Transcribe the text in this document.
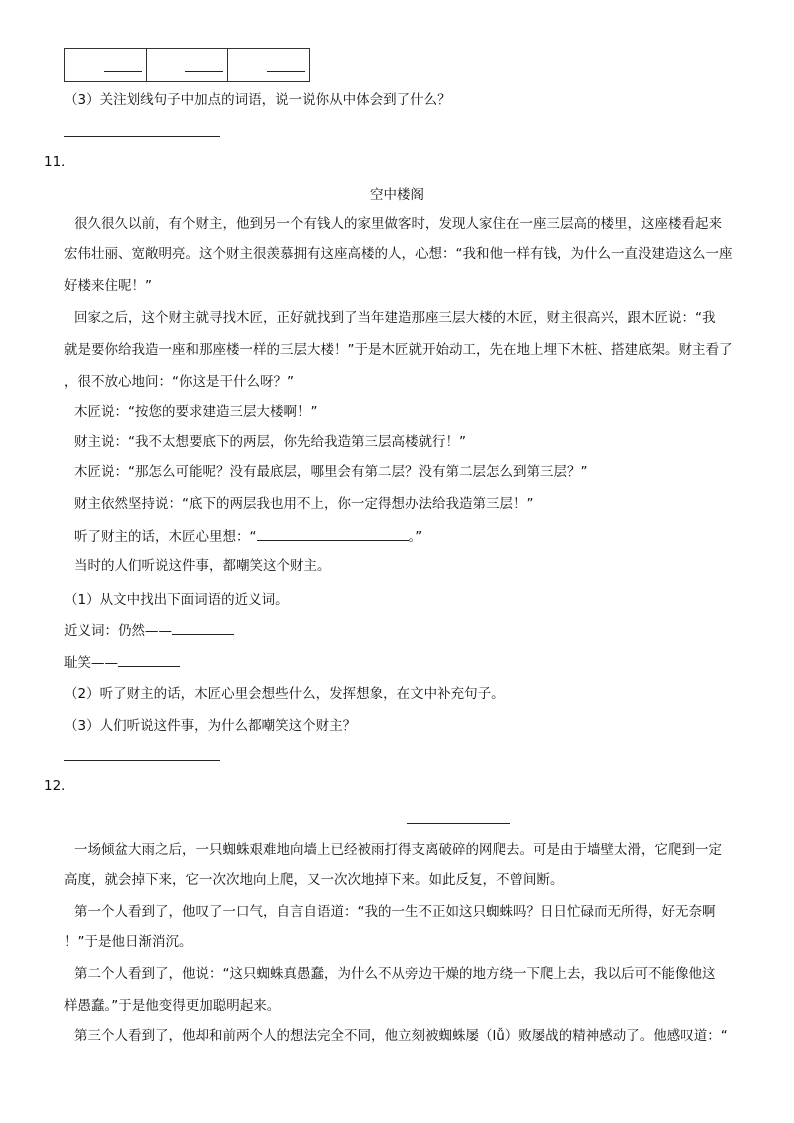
（3）关注划线句子中加点的词语，说一说你从中体会到了什么？
11．
空中楼阁
很久很久以前，有个财主，他到另一个有钱人的家里做客时，发现人家住在一座三层高的楼里，这座楼看起来
宏伟壮丽、宽敞明亮。这个财主很羡慕拥有这座高楼的人，心想：“我和他一样有钱，为什么一直没建造这么一座
好楼来住呢！”
回家之后，这个财主就寻找木匠，正好就找到了当年建造那座三层大楼的木匠，财主很高兴，跟木匠说：“我
就是要你给我造一座和那座楼一样的三层大楼！”于是木匠就开始动工，先在地上埋下木桩、搭建底架。财主看了
，很不放心地问：“你这是干什么呀？”
木匠说：“按您的要求建造三层大楼啊！”
财主说：“我不太想要底下的两层，你先给我造第三层高楼就行！”
木匠说：“那怎么可能呢？没有最底层，哪里会有第二层？没有第二层怎么到第三层？”
财主依然坚持说：“底下的两层我也用不上，你一定得想办法给我造第三层！”
听了财主的话，木匠心里想：“	。”
当时的人们听说这件事，都嘲笑这个财主。
（1）从文中找出下面词语的近义词。
近义词：仍然——
耻笑——
（2）听了财主的话，木匠心里会想些什么，发挥想象，在文中补充句子。
（3）人们听说这件事，为什么都嘲笑这个财主？
12．
一场倾盆大雨之后，一只蜘蛛艰难地向墙上已经被雨打得支离破碎的网爬去。可是由于墙壁太滑，它爬到一定
高度，就会掉下来，它一次次地向上爬，又一次次地掉下来。如此反复，不曾间断。
第一个人看到了，他叹了一口气，自言自语道：“我的一生不正如这只蜘蛛吗？日日忙碌而无所得，好无奈啊
！”于是他日渐消沉。
第二个人看到了，他说：“这只蜘蛛真愚蠢，为什么不从旁边干燥的地方绕一下爬上去，我以后可不能像他这
样愚蠢。”于是他变得更加聪明起来。
第三个人看到了，他却和前两个人的想法完全不同，他立刻被蜘蛛屡（lǚ）败屡战的精神感动了。他感叹道：“
